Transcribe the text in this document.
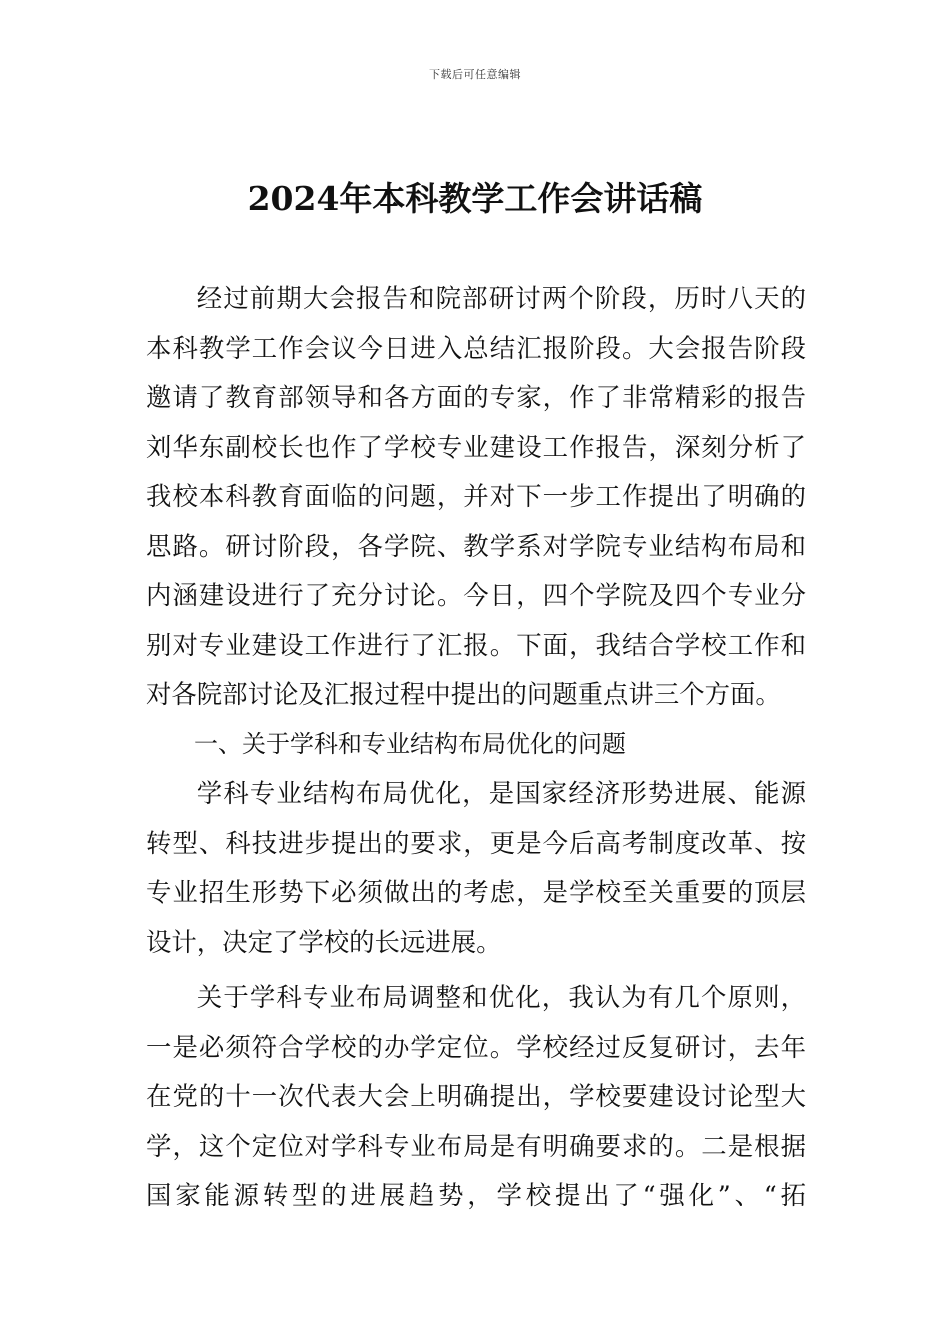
下载后可任意编辑
2024年本科教学工作会讲话稿

经过前期大会报告和院部研讨两个阶段，历时八天的本科教学工作会议今日进入总结汇报阶段。大会报告阶段邀请了教育部领导和各方面的专家，作了非常精彩的报告刘华东副校长也作了学校专业建设工作报告，深刻分析了我校本科教育面临的问题，并对下一步工作提出了明确的思路。研讨阶段，各学院、教学系对学院专业结构布局和内涵建设进行了充分讨论。今日，四个学院及四个专业分别对专业建设工作进行了汇报。下面，我结合学校工作和对各院部讨论及汇报过程中提出的问题重点讲三个方面。

一、关于学科和专业结构布局优化的问题

学科专业结构布局优化，是国家经济形势进展、能源转型、科技进步提出的要求，更是今后高考制度改革、按专业招生形势下必须做出的考虑，是学校至关重要的顶层设计，决定了学校的长远进展。

关于学科专业布局调整和优化，我认为有几个原则，一是必须符合学校的办学定位。学校经过反复研讨，去年在党的十一次代表大会上明确提出，学校要建设讨论型大学，这个定位对学科专业布局是有明确要求的。二是根据国家能源转型的进展趋势，学校提出了“强化”、“拓
